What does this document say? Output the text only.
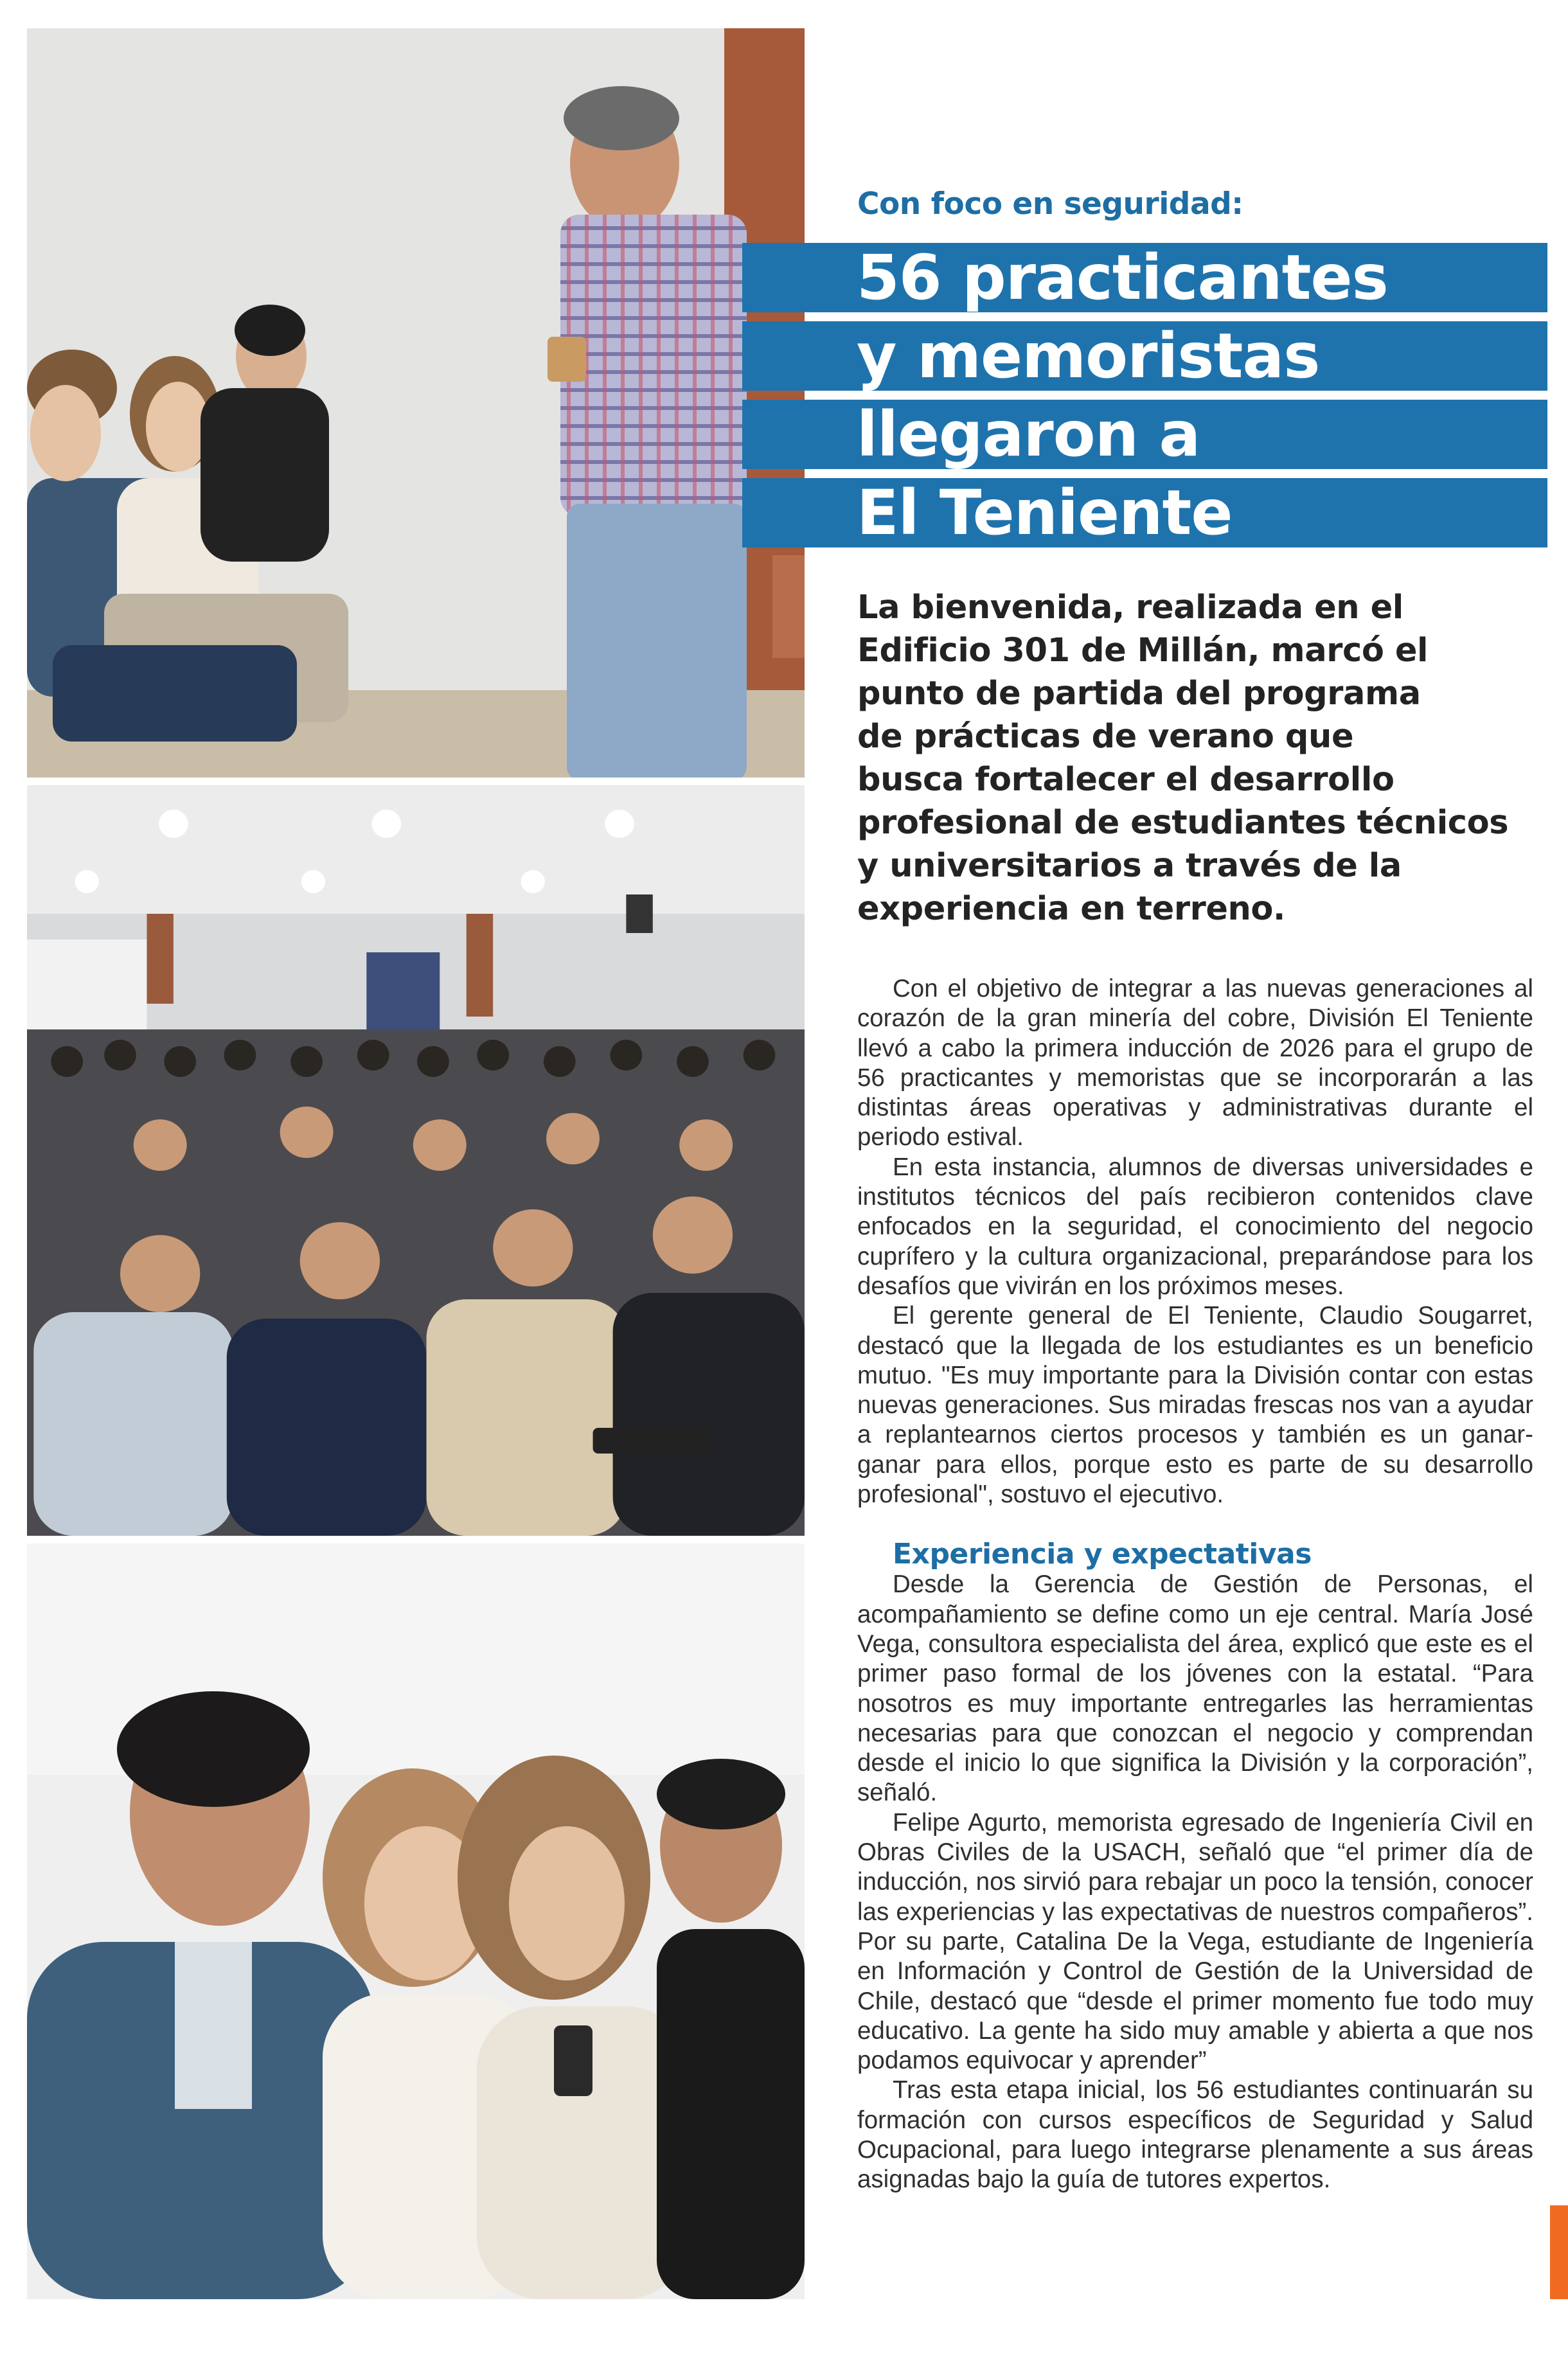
Con foco en seguridad:
56 practicantes
y memoristas
llegaron a
El Teniente
La bienvenida, realizada en el
Edificio 301 de Millán, marcó el
punto de partida del programa
de prácticas de verano que
busca fortalecer el desarrollo
profesional de estudiantes técnicos
y universitarios a través de la
experiencia en terreno.

Con el objetivo de integrar a las nuevas generaciones al corazón de la gran minería del cobre, División El Teniente llevó a cabo la primera inducción de 2026 para el grupo de 56 practicantes y memoristas que se incorporarán a las distintas áreas operativas y administrativas durante el periodo estival.

En esta instancia, alumnos de diversas universidades e institutos técnicos del país recibieron contenidos clave enfocados en la seguridad, el conocimiento del negocio cuprífero y la cultura organizacional, preparándose para los desafíos que vivirán en los próximos meses.

El gerente general de El Teniente, Claudio Sougarret, destacó que la llegada de los estudiantes es un beneficio mutuo. "Es muy importante para la División contar con estas nuevas generaciones. Sus miradas frescas nos van a ayudar a replantearnos ciertos procesos y también es un ganar-ganar para ellos, porque esto es parte de su desarrollo profesional", sostuvo el ejecutivo.

Experiencia y expectativas

Desde la Gerencia de Gestión de Personas, el acompañamiento se define como un eje central. María José Vega, consultora especialista del área, explicó que este es el primer paso formal de los jóvenes con la estatal. “Para nosotros es muy importante entregarles las herramientas necesarias para que conozcan el negocio y comprendan desde el inicio lo que significa la División y la corporación”, señaló.

Felipe Agurto, memorista egresado de Ingeniería Civil en Obras Civiles de la USACH, señaló que “el primer día de inducción, nos sirvió para rebajar un poco la tensión, conocer las experiencias y las expectativas de nuestros compañeros”. Por su parte, Catalina De la Vega, estudiante de Ingeniería en Información y Control de Gestión de la Universidad de Chile, destacó que “desde el primer momento fue todo muy educativo. La gente ha sido muy amable y abierta a que nos podamos equivocar y aprender”

Tras esta etapa inicial, los 56 estudiantes continuarán su formación con cursos específicos de Seguridad y Salud Ocupacional, para luego integrarse plenamente a sus áreas asignadas bajo la guía de tutores expertos.
